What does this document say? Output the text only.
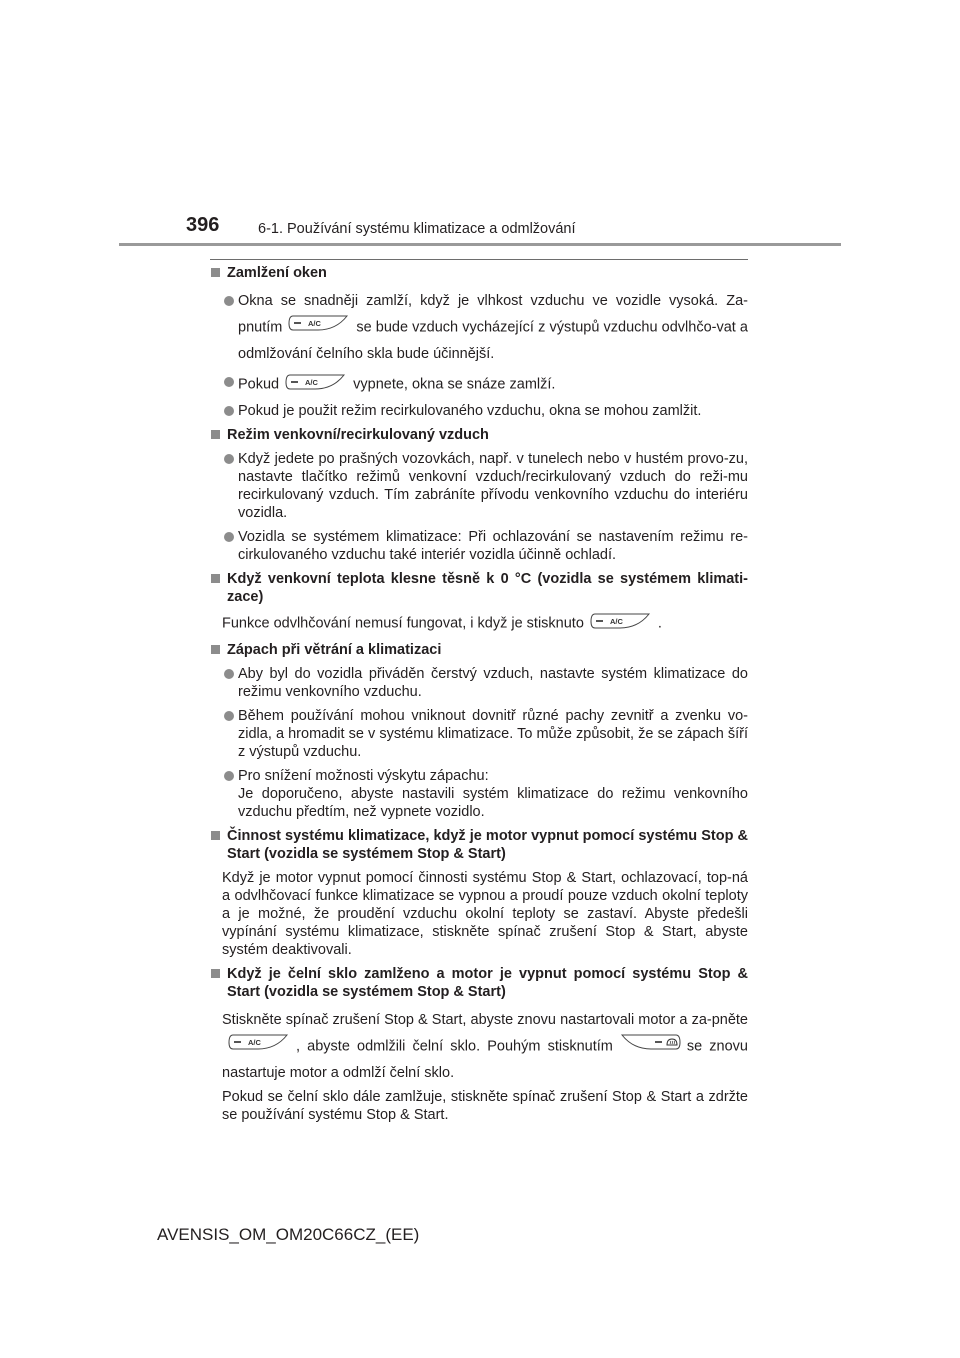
396	6-1. Používání systému klimatizace a odmlžování
Zamlžení oken
Okna se snadněji zamlží, když je vlhkost vzduchu ve vozidle vysoká. Za-pnutím	A/C se bude vzduch vycházející z výstupů vzduchu odvlhčo-vat a odmlžování čelního skla bude účinnější.
Pokud	A/C vypnete, okna se snáze zamlží.
Pokud je použit režim recirkulovaného vzduchu, okna se mohou zamlžit.
Režim venkovní/recirkulovaný vzduch
Když jedete po prašných vozovkách, např. v tunelech nebo v hustém provo-zu, nastavte tlačítko režimů venkovní vzduch/recirkulovaný vzduch do reži-mu recirkulovaný vzduch. Tím zabráníte přívodu venkovního vzduchu do interiéru vozidla.
Vozidla se systémem klimatizace: Při ochlazování se nastavením režimu re-cirkulovaného vzduchu také interiér vozidla účinně ochladí.
Když venkovní teplota klesne těsně k 0 °C (vozidla se systémem klimati-zace)
Funkce odvlhčování nemusí fungovat, i když je stisknuto	A/C .
Zápach při větrání a klimatizaci
Aby byl do vozidla přiváděn čerstvý vzduch, nastavte systém klimatizace do režimu venkovního vzduchu.
Během používání mohou vniknout dovnitř různé pachy zevnitř a zvenku vo-zidla, a hromadit se v systému klimatizace. To může způsobit, že se zápach šíří z výstupů vzduchu.
Pro snížení možnosti výskytu zápachu:
Je doporučeno, abyste nastavili systém klimatizace do režimu venkovního vzduchu předtím, než vypnete vozidlo.
Činnost systému klimatizace, když je motor vypnut pomocí systému Stop & Start (vozidla se systémem Stop & Start)
Když je motor vypnut pomocí činnosti systému Stop & Start, ochlazovací, top-ná a odvlhčovací funkce klimatizace se vypnou a proudí pouze vzduch okolní teploty a je možné, že proudění vzduchu okolní teploty se zastaví. Abyste předešli vypínání systému klimatizace, stiskněte spínač zrušení Stop & Start, abyste systém deaktivovali.
Když je čelní sklo zamlženo a motor je vypnut pomocí systému Stop & Start (vozidla se systémem Stop & Start)
Stiskněte spínač zrušení Stop & Start, abyste znovu nastartovali motor a za-pněte
A/C , abyste odmlžili čelní sklo. Pouhým stisknutím	se znovu nastartuje motor a odmlží čelní sklo.
Pokud se čelní sklo dále zamlžuje, stiskněte spínač zrušení Stop & Start a zdržte se používání systému Stop & Start.
AVENSIS_OM_OM20C66CZ_(EE)
